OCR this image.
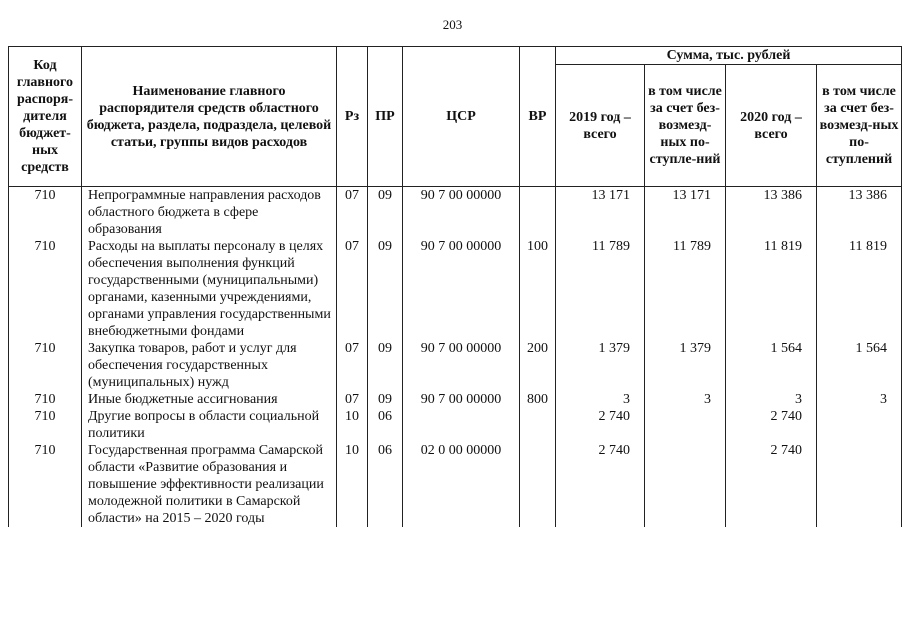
203
Код главного распоря-дителя бюджет-ных средств	Наименование главного распорядителя средств областного бюджета, раздела, подраздела, целевой статьи, группы видов расходов	Рз	ПР	ЦСР	ВР	Сумма, тыс. рублей			
						2019 год – всего	в том числе за счет без-возмезд-ных по-ступле-ний	2020 год – всего	в том числе за счет без-возмезд-ных по-ступлений
710	Непрограммные направления расходов областного бюджета в сфере образования	07	09	90 7 00 00000		13 171	13 171	13 386	13 386
710	Расходы на выплаты персоналу в целях обеспечения выполнения функций государственными (муниципальными) органами, казенными учреждениями, органами управления государственными внебюджетными фондами	07	09	90 7 00 00000	100	11 789	11 789	11 819	11 819
710	Закупка товаров, работ и услуг для обеспечения государственных (муниципальных) нужд	07	09	90 7 00 00000	200	1 379	1 379	1 564	1 564
710	Иные бюджетные ассигнования	07	09	90 7 00 00000	800	3	3	3	3
710	Другие вопросы в области социальной политики	10	06			2 740		2 740	
710	Государственная программа Самарской области «Развитие образования и повышение эффективности реализации молодежной политики в Самарской области» на 2015 – 2020 годы	10	06	02 0 00 00000		2 740		2 740	
